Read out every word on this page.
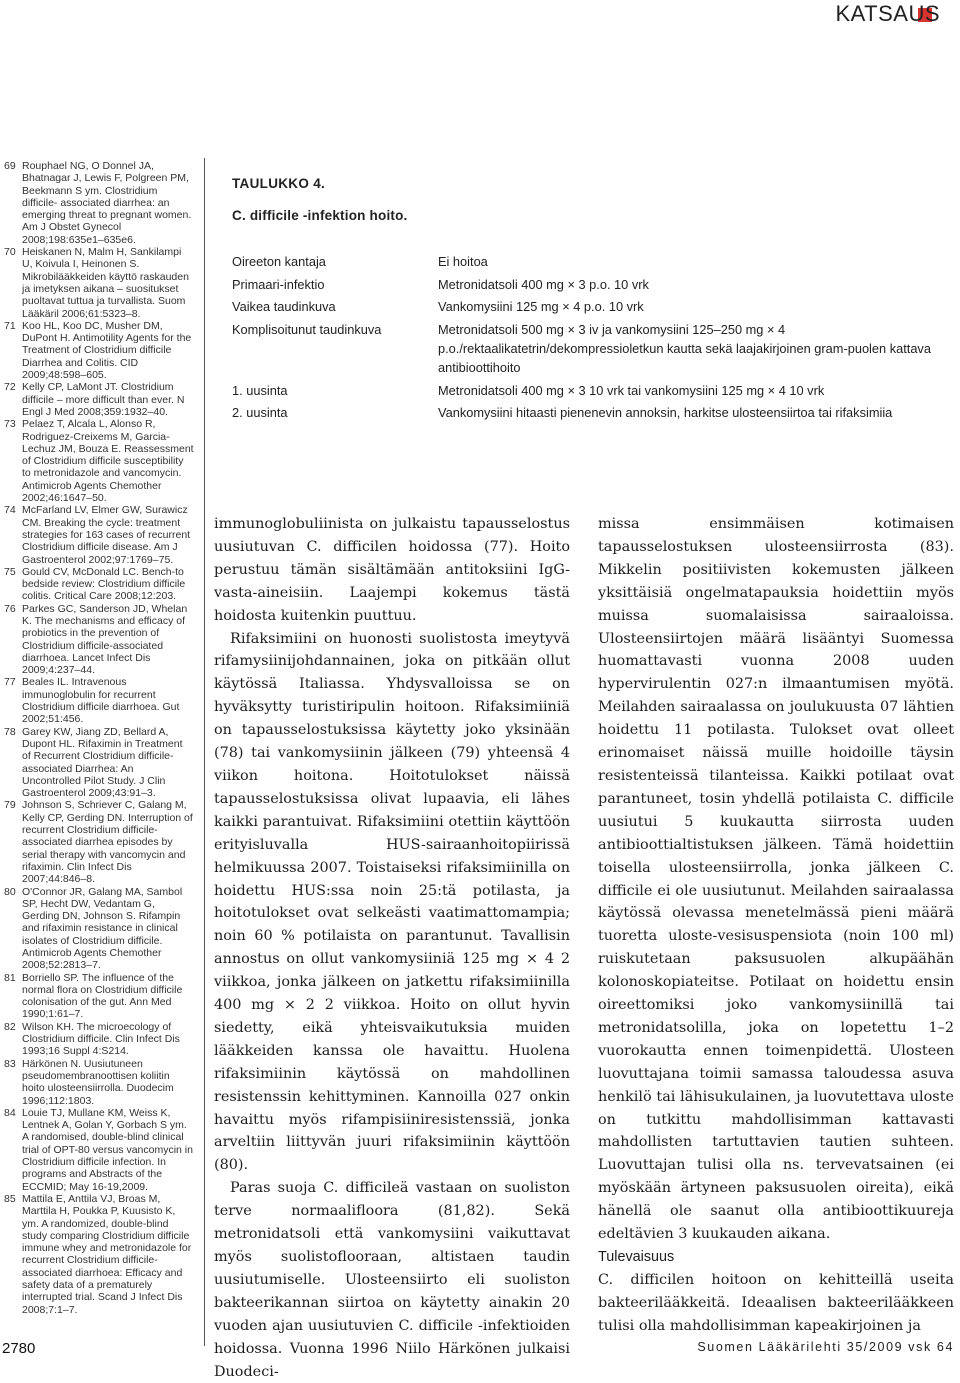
KATSAUS
69 Rouphael NG, O Donnel JA, Bhatnagar J, Lewis F, Polgreen PM, Beekmann S ym. Clostridium difficile- associated diarrhea: an emerging threat to pregnant women. Am J Obstet Gynecol 2008;198:635e1–635e6.
70 Heiskanen N, Malm H, Sankilampi U, Koivula I, Heinonen S. Mikrobilääkkeiden käyttö raskauden ja imetyksen aikana – suositukset puoltavat tuttua ja turvallista. Suom Lääkäril 2006;61:5323–8.
71 Koo HL, Koo DC, Musher DM, DuPont H. Antimotility Agents for the Treatment of Clostridium difficile Diarrhea and Colitis. CID 2009;48:598–605.
72 Kelly CP, LaMont JT. Clostridium difficile – more difficult than ever. N Engl J Med 2008;359:1932–40.
73 Pelaez T, Alcala L, Alonso R, Rodriguez-Creixems M, Garcia-Lechuz JM, Bouza E. Reassessment of Clostridium difficile susceptibility to metronidazole and vancomycin. Antimicrob Agents Chemother 2002;46:1647–50.
74 McFarland LV, Elmer GW, Surawicz CM. Breaking the cycle: treatment strategies for 163 cases of recurrent Clostridium difficile disease. Am J Gastroenterol 2002;97:1769–75.
75 Gould CV, McDonald LC. Bench-to bedside review: Clostridium difficile colitis. Critical Care 2008;12:203.
76 Parkes GC, Sanderson JD, Whelan K. The mechanisms and efficacy of probiotics in the prevention of Clostridium difficile-associated diarrhoea. Lancet Infect Dis 2009;4:237–44.
77 Beales IL. Intravenous immunoglobulin for recurrent Clostridium difficile diarrhoea. Gut 2002;51:456.
78 Garey KW, Jiang ZD, Bellard A, Dupont HL. Rifaximin in Treatment of Recurrent Clostridium difficile-associated Diarrhea: An Uncontrolled Pilot Study. J Clin Gastroenterol 2009;43:91–3.
79 Johnson S, Schriever C, Galang M, Kelly CP, Gerding DN. Interruption of recurrent Clostridium difficile-associated diarrhea episodes by serial therapy with vancomycin and rifaximin. Clin Infect Dis 2007;44:846–8.
80 O'Connor JR, Galang MA, Sambol SP, Hecht DW, Vedantam G, Gerding DN, Johnson S. Rifampin and rifaximin resistance in clinical isolates of Clostridium difficile. Antimicrob Agents Chemother 2008;52:2813–7.
81 Borriello SP. The influence of the normal flora on Clostridium difficile colonisation of the gut. Ann Med 1990;1:61–7.
82 Wilson KH. The microecology of Clostridium difficile. Clin Infect Dis 1993;16 Suppl 4:S214.
83 Härkönen N. Uusiutuneen pseudomembranoottisen koliitin hoito ulosteensiirrolla. Duodecim 1996;112:1803.
84 Louie TJ, Mullane KM, Weiss K, Lentnek A, Golan Y, Gorbach S ym. A randomised, double-blind clinical trial of OPT-80 versus vancomycin in Clostridium difficile infection. In programs and Abstracts of the ECCMID; May 16-19,2009.
85 Mattila E, Anttila VJ, Broas M, Marttila H, Poukka P, Kuusisto K, ym. A randomized, double-blind study comparing Clostridium difficile immune whey and metronidazole for recurrent Clostridium difficile-associated diarrhoea: Efficacy and safety data of a prematurely interrupted trial. Scand J Infect Dis 2008;7:1–7.
TAULUKKO 4.
C. difficile -infektion hoito.
Oireeton kantaja	Ei hoitoa
Primaari-infektio	Metronidatsoli 400 mg × 3 p.o. 10 vrk
Vaikea taudinkuva	Vankomysiini 125 mg × 4 p.o. 10 vrk
Komplisoitunut taudinkuva	Metronidatsoli 500 mg × 3 iv ja vankomysiini 125–250 mg × 4 p.o./rektaalikatetrin/dekompressioletkun kautta sekä laajakirjoinen gram-puolen kattava antibioottihoito
1. uusinta	Metronidatsoli 400 mg × 3 10 vrk tai vankomysiini 125 mg × 4 10 vrk
2. uusinta	Vankomysiini hitaasti pienenevin annoksin, harkitse ulosteensiirtoa tai rifaksimiia

immunoglobuliinista on julkaistu tapausselostus uusiutuvan C. difficilen hoidossa (77). Hoito perustuu tämän sisältämään antitoksiini IgG-vasta-aineisiin. Laajempi kokemus tästä hoidosta kuitenkin puuttuu.

Rifaksimiini on huonosti suolistosta imeytyvä rifamysiinijohdannainen, joka on pitkään ollut käytössä Italiassa. Yhdysvalloissa se on hyväksytty turistiripulin hoitoon. Rifaksimiiniä on tapausselostuksissa käytetty joko yksinään (78) tai vankomysiinin jälkeen (79) yhteensä 4 viikon hoitona. Hoitotulokset näissä tapausselostuksissa olivat lupaavia, eli lähes kaikki parantuivat. Rifaksimiini otettiin käyttöön erityisluvalla HUS-sairaanhoitopiirissä helmikuussa 2007. Toistaiseksi rifaksimiinilla on hoidettu HUS:ssa noin 25:tä potilasta, ja hoitotulokset ovat selkeästi vaatimattomampia; noin 60 % potilaista on parantunut. Tavallisin annostus on ollut vankomysiiniä 125 mg × 4 2 viikkoa, jonka jälkeen on jatkettu rifaksimiinilla 400 mg × 2 2 viikkoa. Hoito on ollut hyvin siedetty, eikä yhteisvaikutuksia muiden lääkkeiden kanssa ole havaittu. Huolena rifaksimiinin käytössä on mahdollinen resistenssin kehittyminen. Kannoilla 027 onkin havaittu myös rifampisiiniresistenssiä, jonka arveltiin liittyvän juuri rifaksimiinin käyttöön (80).

Paras suoja C. difficileä vastaan on suoliston terve normaalifloora (81,82). Sekä metronidatsoli että vankomysiini vaikuttavat myös suolistoflooraan, altistaen taudin uusiutumiselle. Ulosteensiirto eli suoliston bakteerikannan siirtoa on käytetty ainakin 20 vuoden ajan uusiutuvien C. difficile -infektioiden hoidossa. Vuonna 1996 Niilo Härkönen julkaisi Duodeci-

missa ensimmäisen kotimaisen tapausselostuksen ulosteensiirrosta (83). Mikkelin positiivisten kokemusten jälkeen yksittäisiä ongelmatapauksia hoidettiin myös muissa suomalaisissa sairaaloissa. Ulosteensiirtojen määrä lisääntyi Suomessa huomattavasti vuonna 2008 uuden hypervirulentin 027:n ilmaantumisen myötä. Meilahden sairaalassa on joulukuusta 07 lähtien hoidettu 11 potilasta. Tulokset ovat olleet erinomaiset näissä muille hoidoille täysin resistenteissä tilanteissa. Kaikki potilaat ovat parantuneet, tosin yhdellä potilaista C. difficile uusiutui 5 kuukautta siirrosta uuden antibioottialtistuksen jälkeen. Tämä hoidettiin toisella ulosteensiirrolla, jonka jälkeen C. difficile ei ole uusiutunut. Meilahden sairaalassa käytössä olevassa menetelmässä pieni määrä tuoretta uloste-vesisuspensiota (noin 100 ml) ruiskutetaan paksusuolen alkupäähän kolonoskopiateitse. Potilaat on hoidettu ensin oireettomiksi joko vankomysiinillä tai metronidatsolilla, joka on lopetettu 1–2 vuorokautta ennen toimenpidettä. Ulosteen luovuttajana toimii samassa taloudessa asuva henkilö tai lähisukulainen, ja luovutettava uloste on tutkittu mahdollisimman kattavasti mahdollisten tartuttavien tautien suhteen. Luovuttajan tulisi olla ns. tervevatsainen (ei myöskään ärtyneen paksusuolen oireita), eikä hänellä ole saanut olla antibioottikuureja edeltävien 3 kuukauden aikana.

Tulevaisuus

C. difficilen hoitoon on kehitteillä useita bakteerilääkkeitä. Ideaalisen bakteerilääkkeen tulisi olla mahdollisimman kapeakirjoinen ja

2780	Suomen Lääkärilehti 35/2009 vsk 64
